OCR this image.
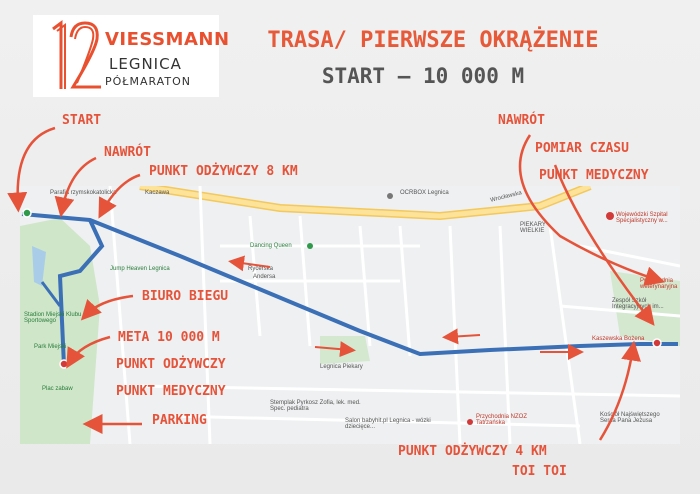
VIESSMANN
LEGNICA
PÓŁMARATON
TRASA/ PIERWSZE OKRĄŻENIE
START – 10 000 M
OCRBOX Legnica	Wrocławska
PIEKARY WIELKIE
Wojewódzki Szpital Specjalistyczny w...
Dancing Queen
Jump Heaven Legnica
Stadion Miejski Klubu Sportowego
Park Miejski
Plac zabaw
Zespół Szkół Integracyjnych im...
Przychodnia weterynaryjna
Kaszewska Bożena
Legnica Piekary
Stemplak Pyrkosz Zofia, lek. med. Spec. pediatra
Salon babyhit.pl Legnica - wózki dziecięce...
Przychodnia NZOZ Tatrzańska
Kościół Najświętszego Serca Pana Jezusa
Parafia rzymskokatolicka	Kaczawa
Rycerska
Andersa
START
NAWRÓT
PUNKT ODŻYWCZY 8 KM
NAWRÓT
POMIAR CZASU
PUNKT MEDYCZNY
BIURO BIEGU
META 10 000 M
PUNKT ODŻYWCZY
PUNKT MEDYCZNY
PARKING
PUNKT ODŻYWCZY 4 KM
TOI TOI
